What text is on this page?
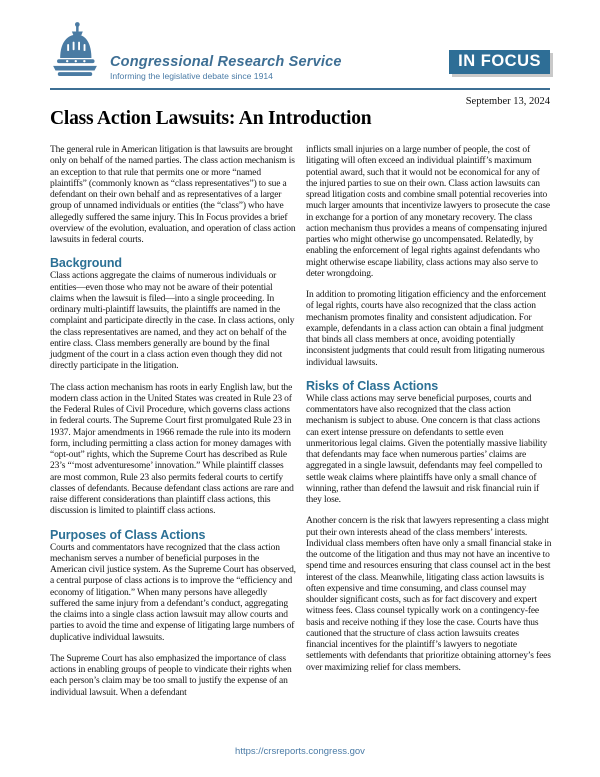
Congressional Research Service
Informing the legislative debate since 1914
IN FOCUS
September 13, 2024
Class Action Lawsuits: An Introduction

The general rule in American litigation is that lawsuits are brought only on behalf of the named parties. The class action mechanism is an exception to that rule that permits one or more “named plaintiffs” (commonly known as “class representatives”) to sue a defendant on their own behalf and as representatives of a larger group of unnamed individuals or entities (the “class”) who have allegedly suffered the same injury. This In Focus provides a brief overview of the evolution, evaluation, and operation of class action lawsuits in federal courts.

Background

Class actions aggregate the claims of numerous individuals or entities—even those who may not be aware of their potential claims when the lawsuit is filed—into a single proceeding. In ordinary multi-plaintiff lawsuits, the plaintiffs are named in the complaint and participate directly in the case. In class actions, only the class representatives are named, and they act on behalf of the entire class. Class members generally are bound by the final judgment of the court in a class action even though they did not directly participate in the litigation.

The class action mechanism has roots in early English law, but the modern class action in the United States was created in Rule 23 of the Federal Rules of Civil Procedure, which governs class actions in federal courts. The Supreme Court first promulgated Rule 23 in 1937. Major amendments in 1966 remade the rule into its modern form, including permitting a class action for money damages with “opt-out” rights, which the Supreme Court has described as Rule 23’s “‘most adventuresome’ innovation.” While plaintiff classes are most common, Rule 23 also permits federal courts to certify classes of defendants. Because defendant class actions are rare and raise different considerations than plaintiff class actions, this discussion is limited to plaintiff class actions.

Purposes of Class Actions

Courts and commentators have recognized that the class action mechanism serves a number of beneficial purposes in the American civil justice system. As the Supreme Court has observed, a central purpose of class actions is to improve the “efficiency and economy of litigation.” When many persons have allegedly suffered the same injury from a defendant’s conduct, aggregating the claims into a single class action lawsuit may allow courts and parties to avoid the time and expense of litigating large numbers of duplicative individual lawsuits.

The Supreme Court has also emphasized the importance of class actions in enabling groups of people to vindicate their rights when each person’s claim may be too small to justify the expense of an individual lawsuit. When a defendant

inflicts small injuries on a large number of people, the cost of litigating will often exceed an individual plaintiff’s maximum potential award, such that it would not be economical for any of the injured parties to sue on their own. Class action lawsuits can spread litigation costs and combine small potential recoveries into much larger amounts that incentivize lawyers to prosecute the case in exchange for a portion of any monetary recovery. The class action mechanism thus provides a means of compensating injured parties who might otherwise go uncompensated. Relatedly, by enabling the enforcement of legal rights against defendants who might otherwise escape liability, class actions may also serve to deter wrongdoing.

In addition to promoting litigation efficiency and the enforcement of legal rights, courts have also recognized that the class action mechanism promotes finality and consistent adjudication. For example, defendants in a class action can obtain a final judgment that binds all class members at once, avoiding potentially inconsistent judgments that could result from litigating numerous individual lawsuits.

Risks of Class Actions

While class actions may serve beneficial purposes, courts and commentators have also recognized that the class action mechanism is subject to abuse. One concern is that class actions can exert intense pressure on defendants to settle even unmeritorious legal claims. Given the potentially massive liability that defendants may face when numerous parties’ claims are aggregated in a single lawsuit, defendants may feel compelled to settle weak claims where plaintiffs have only a small chance of winning, rather than defend the lawsuit and risk financial ruin if they lose.

Another concern is the risk that lawyers representing a class might put their own interests ahead of the class members’ interests. Individual class members often have only a small financial stake in the outcome of the litigation and thus may not have an incentive to spend time and resources ensuring that class counsel act in the best interest of the class. Meanwhile, litigating class action lawsuits is often expensive and time consuming, and class counsel may shoulder significant costs, such as for fact discovery and expert witness fees. Class counsel typically work on a contingency-fee basis and receive nothing if they lose the case. Courts have thus cautioned that the structure of class action lawsuits creates financial incentives for the plaintiff’s lawyers to negotiate settlements with defendants that prioritize obtaining attorney’s fees over maximizing relief for class members.

https://crsreports.congress.gov
